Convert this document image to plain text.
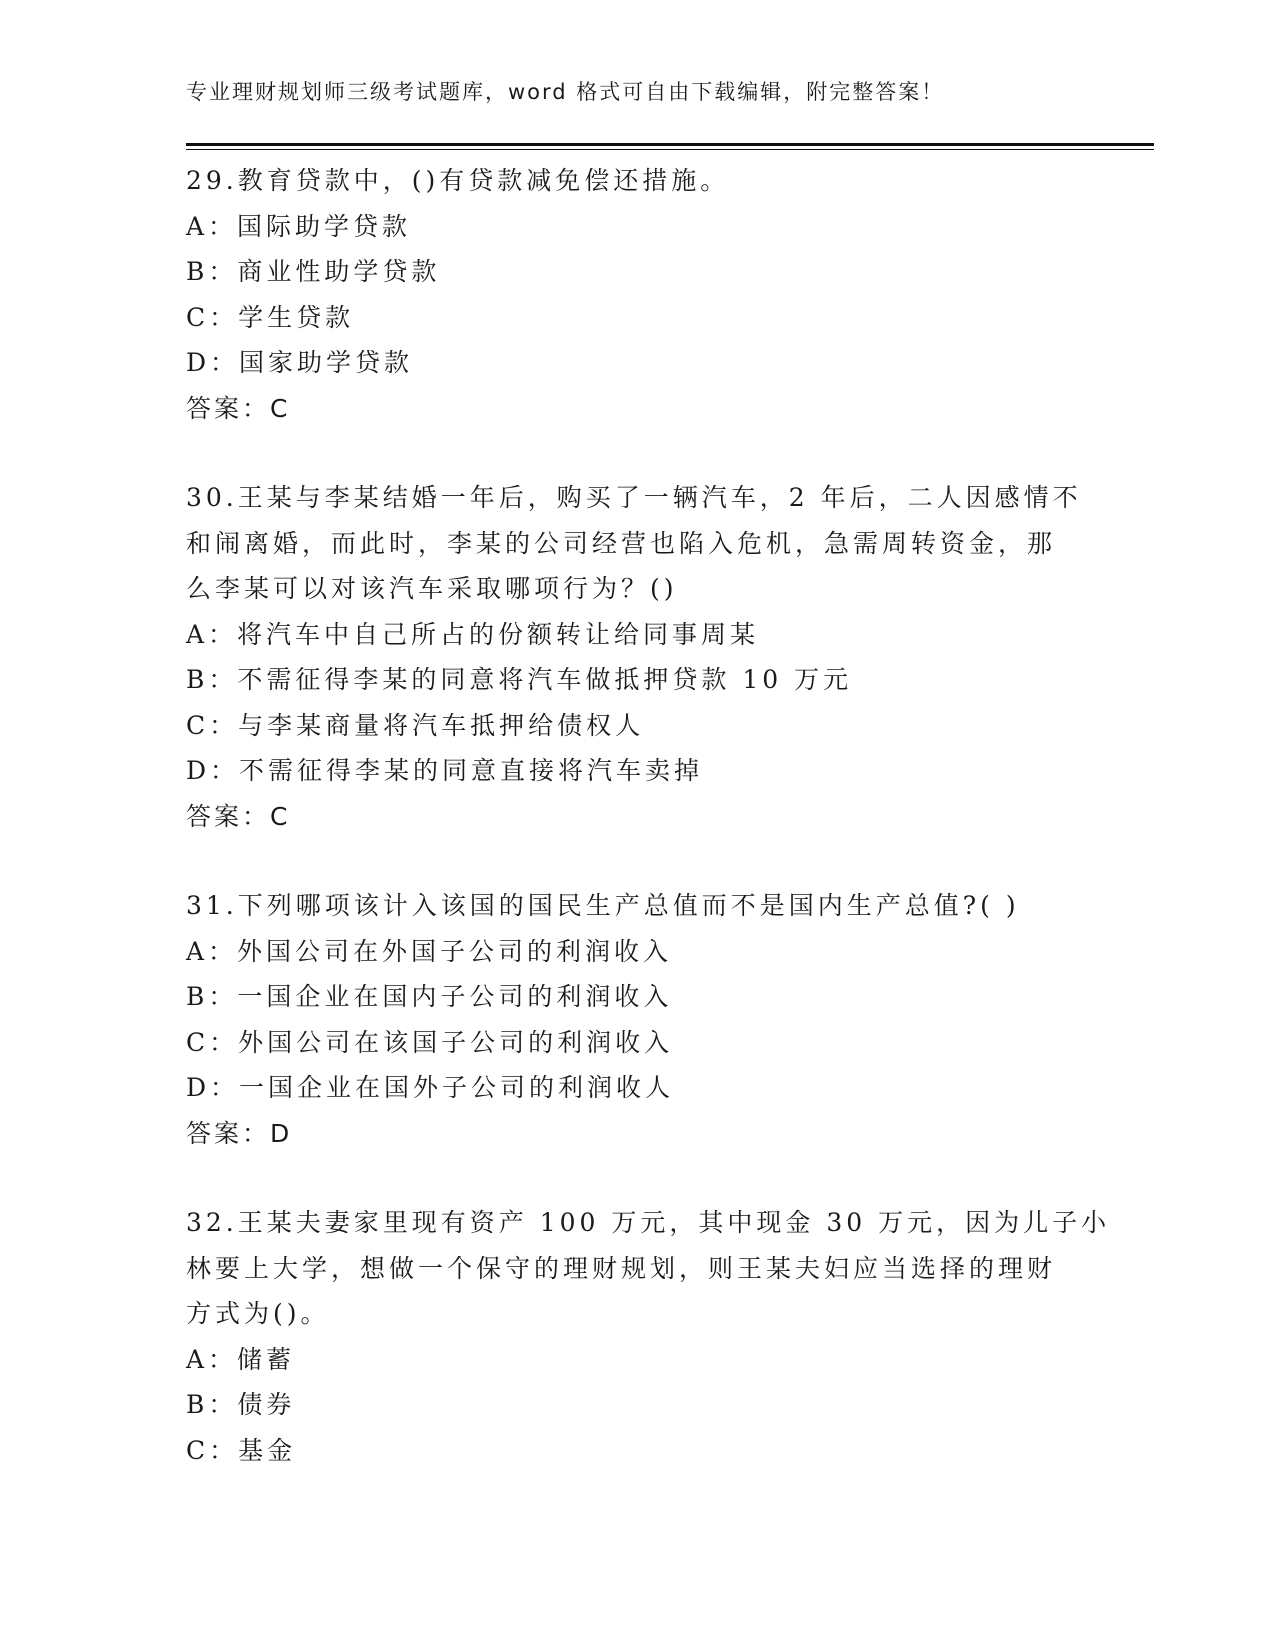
专业理财规划师三级考试题库，word 格式可自由下载编辑，附完整答案！
29.教育贷款中，()有贷款减免偿还措施。
A：国际助学贷款
B：商业性助学贷款
C：学生贷款
D：国家助学贷款
答案：C
30.王某与李某结婚一年后，购买了一辆汽车，2 年后，二人因感情不
和闹离婚，而此时，李某的公司经营也陷入危机，急需周转资金，那
么李某可以对该汽车采取哪项行为？()
A：将汽车中自己所占的份额转让给同事周某
B：不需征得李某的同意将汽车做抵押贷款 10 万元
C：与李某商量将汽车抵押给债权人
D：不需征得李某的同意直接将汽车卖掉
答案：C
31.下列哪项该计入该国的国民生产总值而不是国内生产总值?( )
A：外国公司在外国子公司的利润收入
B：一国企业在国内子公司的利润收入
C：外国公司在该国子公司的利润收入
D：一国企业在国外子公司的利润收人
答案：D
32.王某夫妻家里现有资产 100 万元，其中现金 30 万元，因为儿子小
林要上大学，想做一个保守的理财规划，则王某夫妇应当选择的理财
方式为()。
A：储蓄
B：债券
C：基金
